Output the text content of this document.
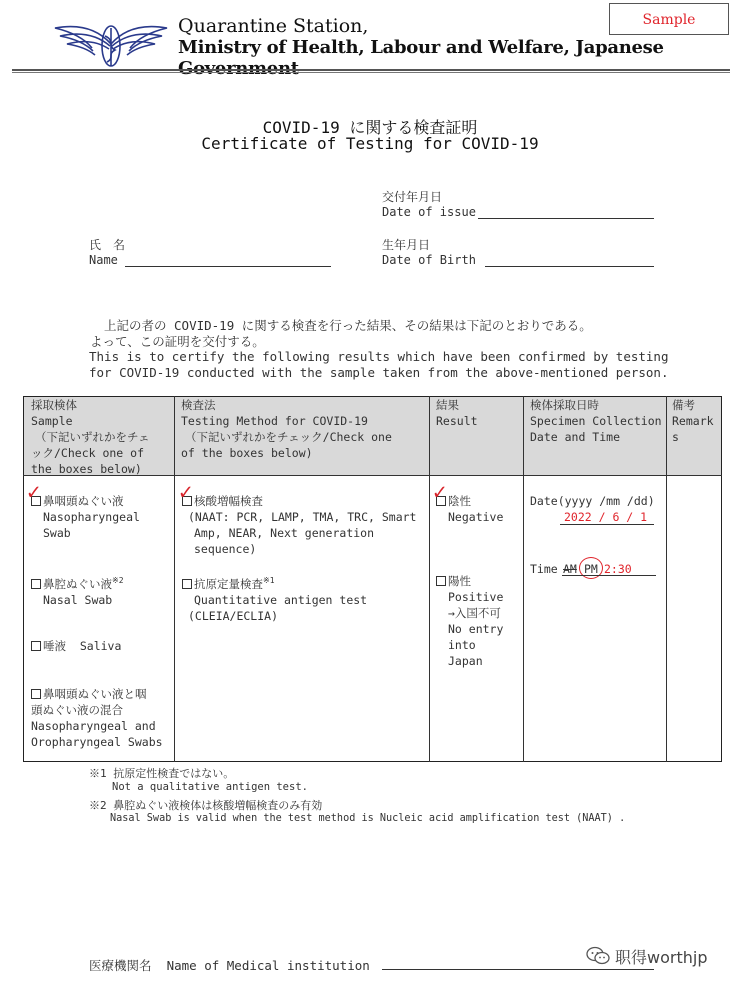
Quarantine Station,
Ministry of Health, Labour and Welfare, Japanese Government
Sample
COVID-19 に関する検査証明
Certificate of Testing for COVID-19
交付年月日
Date of issue
氏　名
Name
生年月日
Date of Birth
上記の者の COVID-19 に関する検査を行った結果、その結果は下記のとおりである。
よって、この証明を交付する。
This is to certify the following results which have been confirmed by testing
for COVID-19 conducted with the sample taken from the above-mentioned person.
採取検体
Sample
（下記いずれかをチェ
ック/Check one of
the boxes below)
検査法
Testing Method for COVID-19
（下記いずれかをチェック/Check one
of the boxes below)
結果
Result
検体採取日時
Specimen Collection
Date and Time
備考
Remark
s
鼻咽頭ぬぐい液
Nasopharyngeal
Swab
✓
鼻腔ぬぐい液$^{※2}$
Nasal Swab
唾液 Saliva
鼻咽頭ぬぐい液と咽
頭ぬぐい液の混合
Nasopharyngeal and
Oropharyngeal Swabs
核酸増幅検査
(NAAT: PCR, LAMP, TMA, TRC, Smart
Amp, NEAR, Next generation
sequence)
✓
抗原定量検査$^{※1}$
Quantitative antigen test
(CLEIA/ECLIA)
陰性
Negative
✓
陽性
Positive
→入国不可
No entry
into
Japan
Date(yyyy /mm /dd)
2022 / 6 / 1
Time AM PM 2:30
※1 抗原定性検査ではない。
Not a qualitative antigen test.
※2 鼻腔ぬぐい液検体は核酸増幅検査のみ有効
Nasal Swab is valid when the test method is Nucleic acid amplification test (NAAT) .
医療機関名 Name of Medical institution	职得worthjp
